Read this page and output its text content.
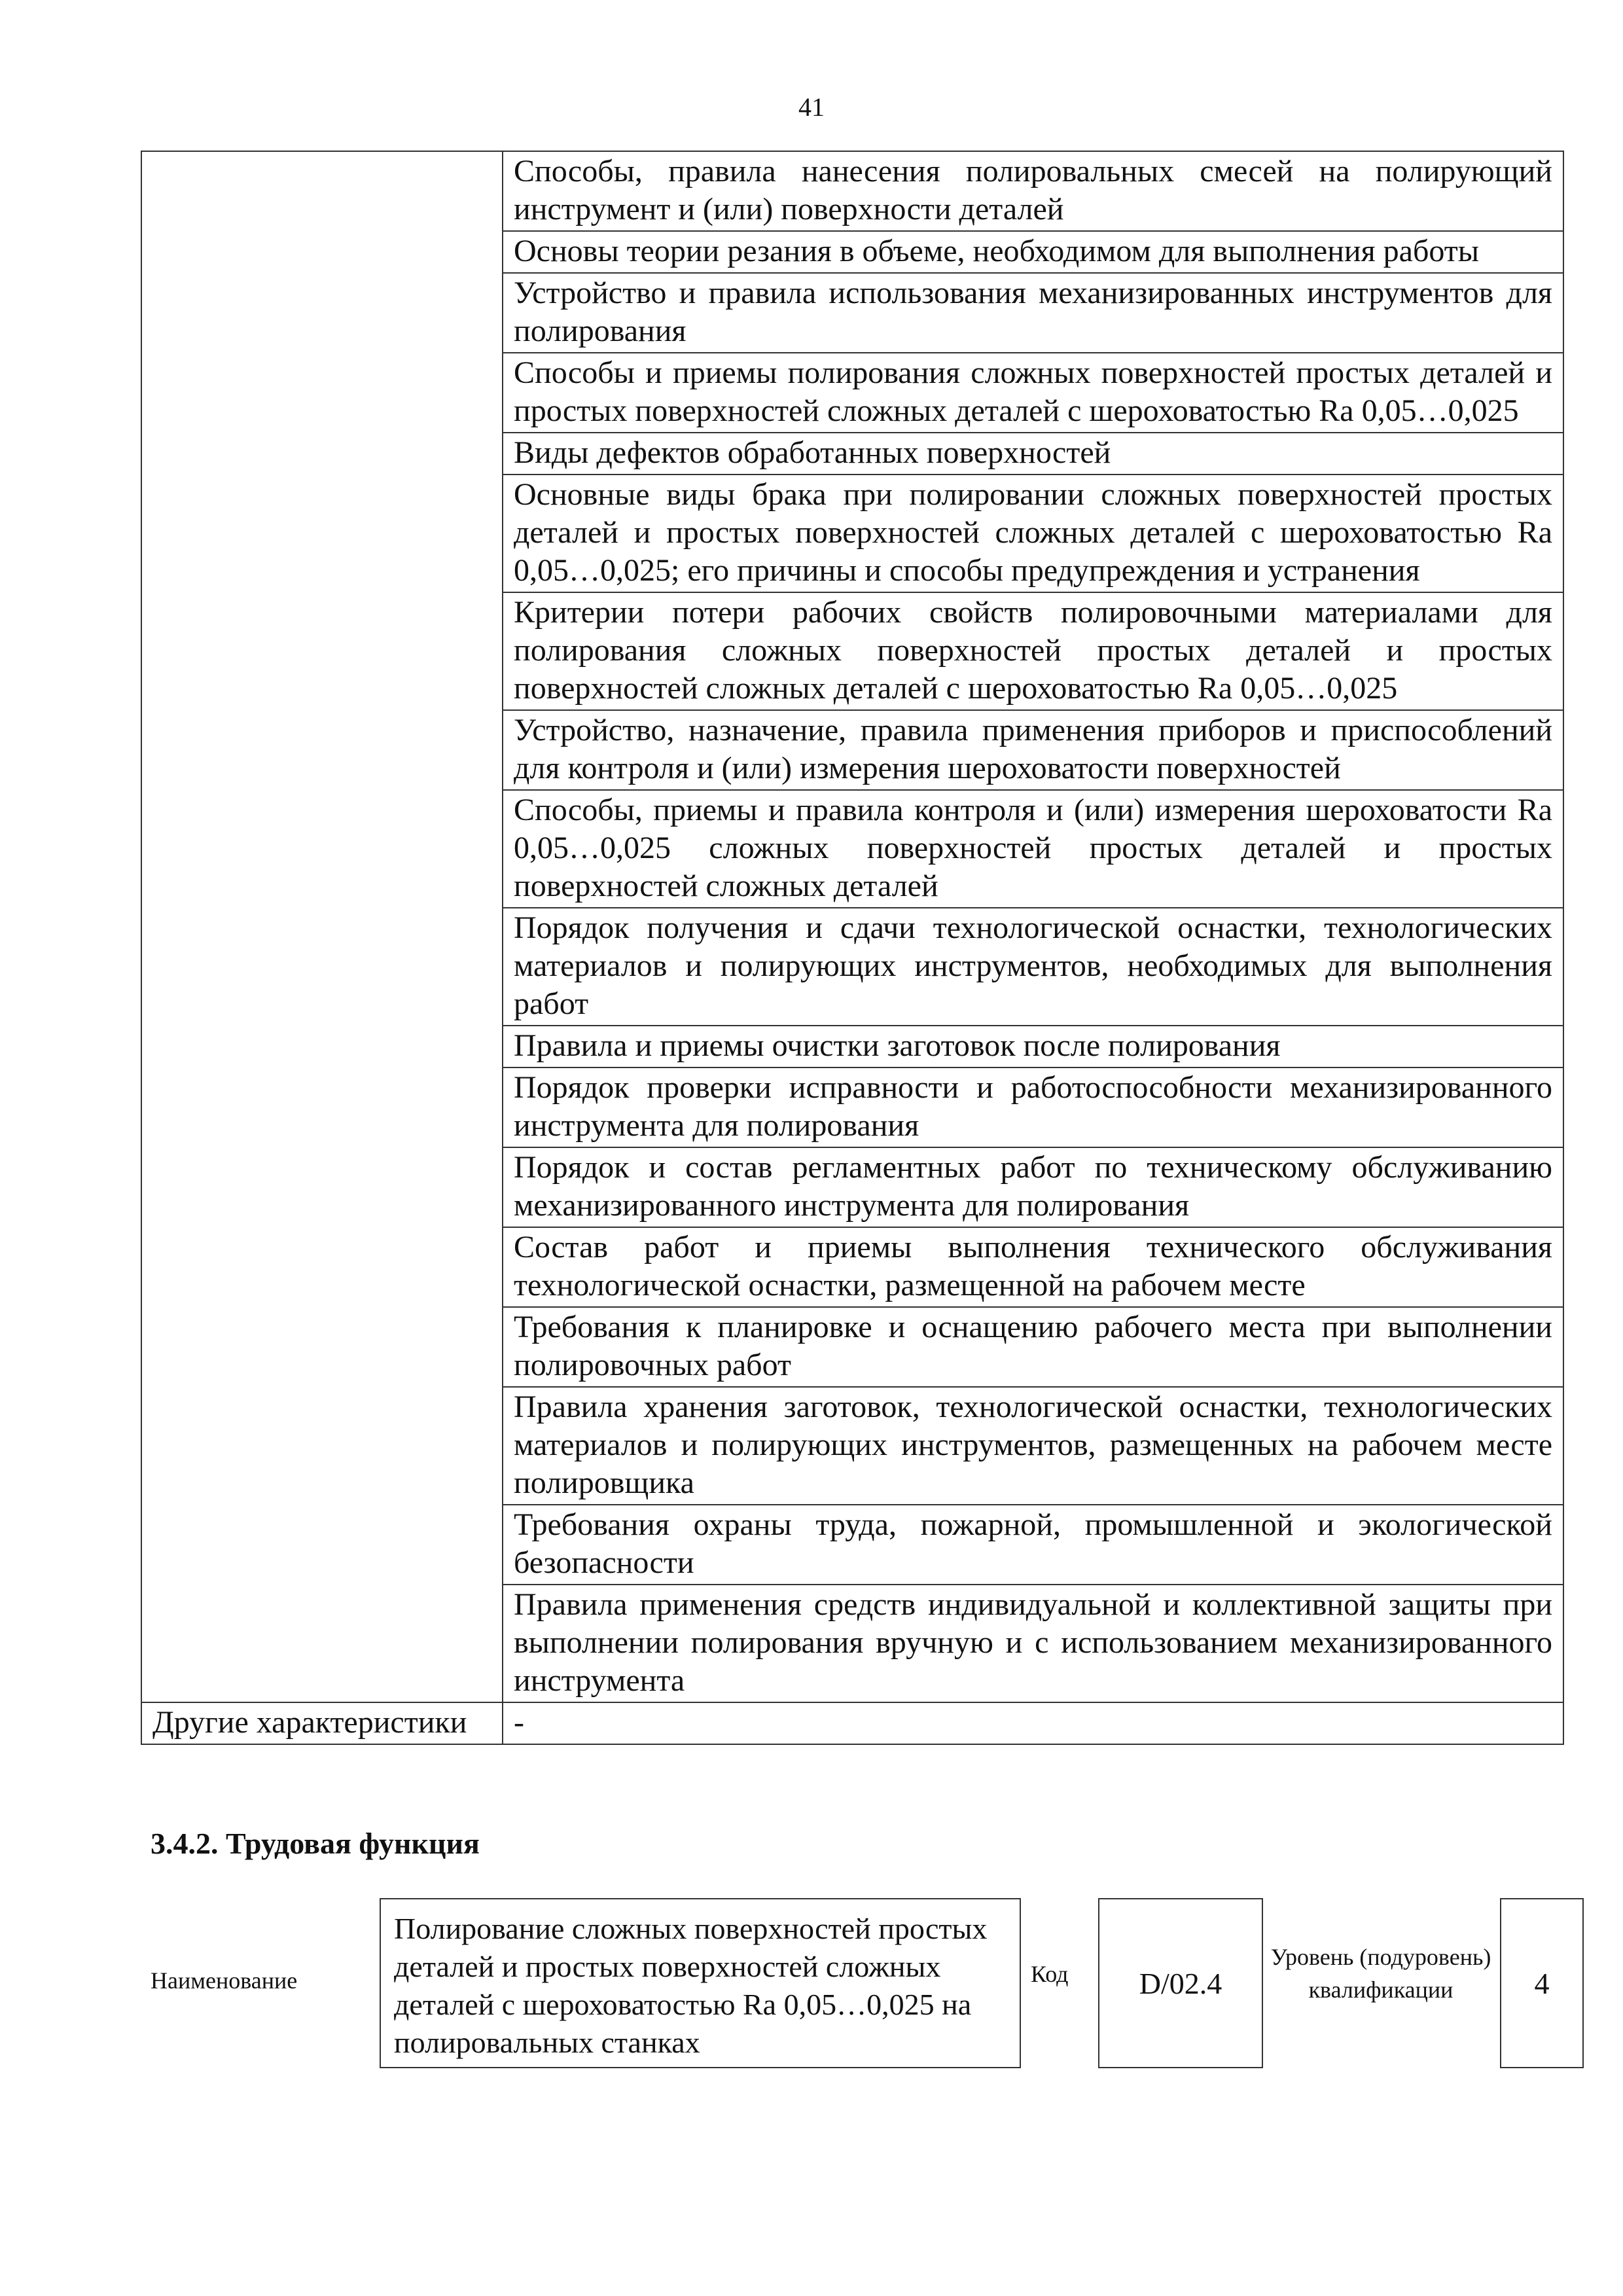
41
	Способы, правила нанесения полировальных смесей на полирующий инструмент и (или) поверхности деталей
	Основы теории резания в объеме, необходимом для выполнения работы
	Устройство и правила использования механизированных инструментов для полирования
	Способы и приемы полирования сложных поверхностей простых деталей и простых поверхностей сложных деталей с шероховатостью Ra 0,05…0,025
	Виды дефектов обработанных поверхностей
	Основные виды брака при полировании сложных поверхностей простых деталей и простых поверхностей сложных деталей с шероховатостью Ra 0,05…0,025; его причины и способы предупреждения и устранения
	Критерии потери рабочих свойств полировочными материалами для полирования сложных поверхностей простых деталей и простых поверхностей сложных деталей с шероховатостью Ra 0,05…0,025
	Устройство, назначение, правила применения приборов и приспособлений для контроля и (или) измерения шероховатости поверхностей
	Способы, приемы и правила контроля и (или) измерения шероховатости Ra 0,05…0,025 сложных поверхностей простых деталей и простых поверхностей сложных деталей
	Порядок получения и сдачи технологической оснастки, технологических материалов и полирующих инструментов, необходимых для выполнения работ
	Правила и приемы очистки заготовок после полирования
	Порядок проверки исправности и работоспособности механизированного инструмента для полирования
	Порядок и состав регламентных работ по техническому обслуживанию механизированного инструмента для полирования
	Состав работ и приемы выполнения технического обслуживания технологической оснастки, размещенной на рабочем месте
	Требования к планировке и оснащению рабочего места при выполнении полировочных работ
	Правила хранения заготовок, технологической оснастки, технологических материалов и полирующих инструментов, размещенных на рабочем месте полировщика
	Требования охраны труда, пожарной, промышленной и экологической безопасности
	Правила применения средств индивидуальной и коллективной защиты при выполнении полирования вручную и с использованием механизированного инструмента
Другие характеристики	-
3.4.2. Трудовая функция
Наименование
Полирование сложных поверхностей простых деталей и простых поверхностей сложных деталей с шероховатостью Ra 0,05…0,025 на полировальных станках
Код	D/02.4
Уровень (подуровень) квалификации	4
